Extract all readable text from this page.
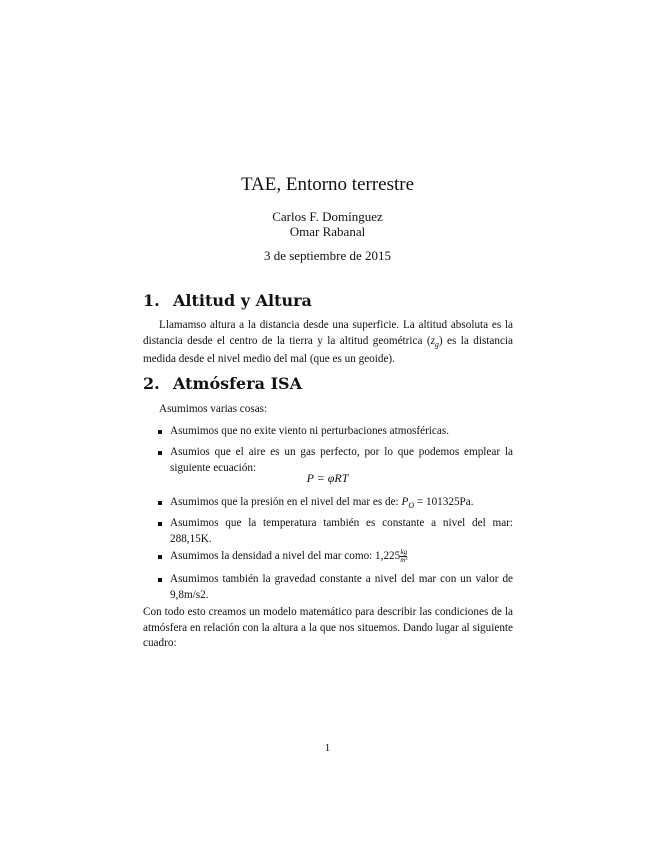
TAE, Entorno terrestre
Carlos F. Domínguez
Omar Rabanal
3 de septiembre de 2015
1. Altitud y Altura
Llamamso altura a la distancia desde una superficie. La altitud absoluta es la distancia desde el centro de la tierra y la altitud geométrica $(z_g)$ es la distancia medida desde el nivel medio del mal (que es un geoide).
2. Atmósfera ISA
Asumimos varias cosas:
Asumimos que no exite viento ni perturbaciones atmosféricas.
Asumios que el aire es un gas perfecto, por lo que podemos emplear la siguiente ecuación:
P = φRT
Asumimos que la presión en el nivel del mar es de: $P_O = 101325Pa$.
Asumimos que la temperatura también es constante a nivel del mar: 288,15K.
Asumimos la densidad a nivel del mar como: $1,225 \frac{kg}{\text{m³}}$
Asumimos también la gravedad constante a nivel del mar con un valor de 9,8m/s2.
Con todo esto creamos un modelo matemático para describir las condiciones de la atmósfera en relación con la altura a la que nos situemos. Dando lugar al siguiente cuadro:
1
